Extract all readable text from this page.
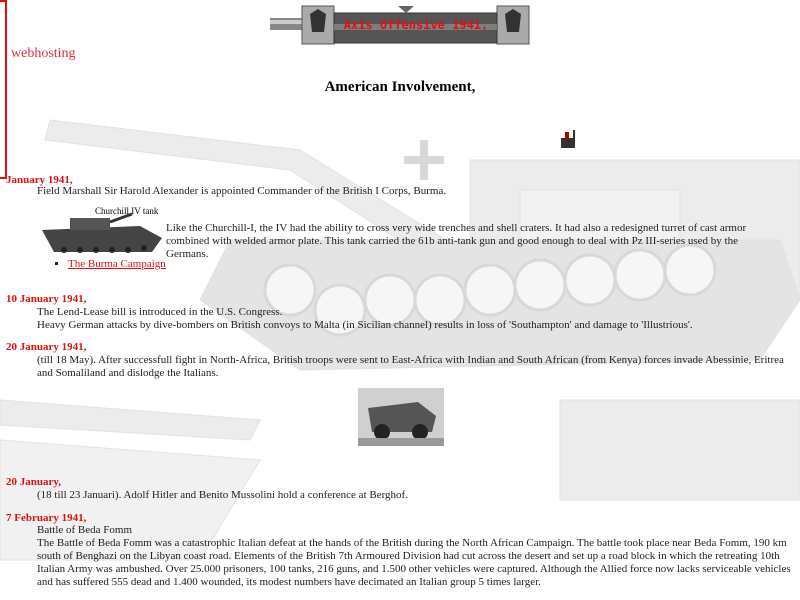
Axis Offensive 1941,
webhosting
American Involvement,
January 1941,
Field Marshall Sir Harold Alexander is appointed Commander of the British I Corps, Burma.
Churchill IV tank
Like the Churchill-I, the IV had the ability to cross very wide trenches and shell craters. It had also a redesigned turret of cast armor combined with welded armor plate. This tank carried the 61b anti-tank gun and good enough to deal with Pz III-series used by the Germans.
▪ The Burma Campaign
10 January 1941,
The Lend-Lease bill is introduced in the U.S. Congress.
Heavy German attacks by dive-bombers on British convoys to Malta (in Sicilian channel) results in loss of 'Southampton' and damage to 'Illustrious'.
20 January 1941,
(till 18 May). After successfull fight in North-Africa, British troops were sent to East-Africa with Indian and South African (from Kenya) forces invade Abessinie, Eritrea and Somaliland and dislodge the Italians.
20 January,
(18 till 23 Januari). Adolf Hitler and Benito Mussolini hold a conference at Berghof.
7 February 1941,
Battle of Beda Fomm
The Battle of Beda Fomm was a catastrophic Italian defeat at the hands of the British during the North African Campaign. The battle took place near Beda Fomm, 190 km south of Benghazi on the Libyan coast road. Elements of the British 7th Armoured Division had cut across the desert and set up a road block in which the retreating 10th Italian Army was ambushed. Over 25.000 prisoners, 100 tanks, 216 guns, and 1.500 other vehicles were captured. Although the Allied force now lacks serviceable vehicles and has suffered 555 dead and 1.400 wounded, its modest numbers have decimated an Italian group 5 times larger.
